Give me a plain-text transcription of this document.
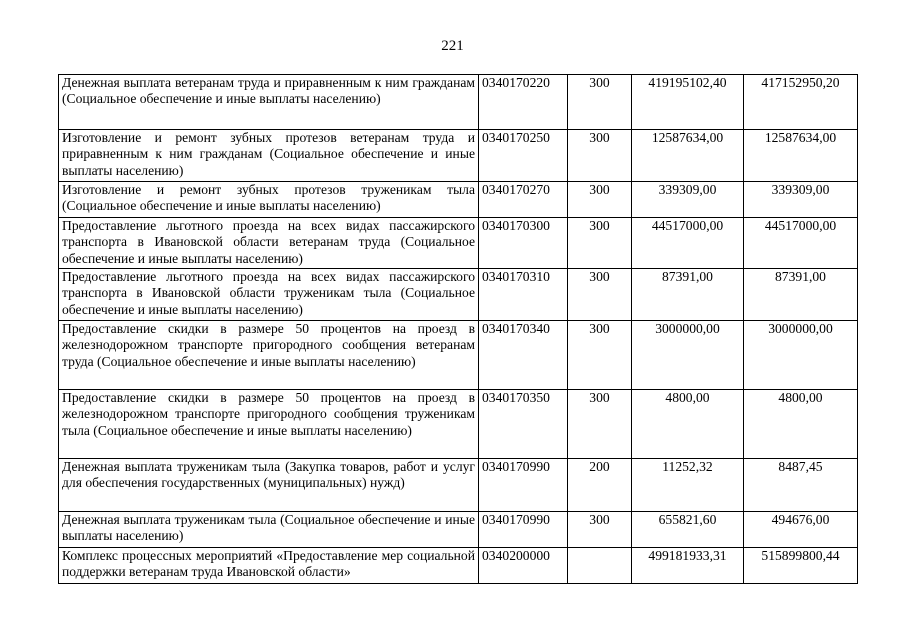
221
Денежная выплата ветеранам труда и приравненным к ним гражданам (Социальное обеспечение и иные выплаты населению)	0340170220	300	419195102,40	417152950,20
Изготовление и ремонт зубных протезов ветеранам труда и приравненным к ним гражданам (Социальное обеспечение и иные выплаты населению)	0340170250	300	12587634,00	12587634,00
Изготовление и ремонт зубных протезов труженикам тыла (Социальное обеспечение и иные выплаты населению)	0340170270	300	339309,00	339309,00
Предоставление льготного проезда на всех видах пассажирского транспорта в Ивановской области ветеранам труда (Социальное обеспечение и иные выплаты населению)	0340170300	300	44517000,00	44517000,00
Предоставление льготного проезда на всех видах пассажирского транспорта в Ивановской области труженикам тыла (Социальное обеспечение и иные выплаты населению)	0340170310	300	87391,00	87391,00
Предоставление скидки в размере 50 процентов на проезд в железнодорожном транспорте пригородного сообщения ветеранам труда (Социальное обеспечение и иные выплаты населению)	0340170340	300	3000000,00	3000000,00
Предоставление скидки в размере 50 процентов на проезд в железнодорожном транспорте пригородного сообщения труженикам тыла (Социальное обеспечение и иные выплаты населению)	0340170350	300	4800,00	4800,00
Денежная выплата труженикам тыла (Закупка товаров, работ и услуг для обеспечения государственных (муниципальных) нужд)	0340170990	200	11252,32	8487,45
Денежная выплата труженикам тыла (Социальное обеспечение и иные выплаты населению)	0340170990	300	655821,60	494676,00
Комплекс процессных мероприятий «Предоставление мер социальной поддержки ветеранам труда Ивановской области»	0340200000		499181933,31	515899800,44
